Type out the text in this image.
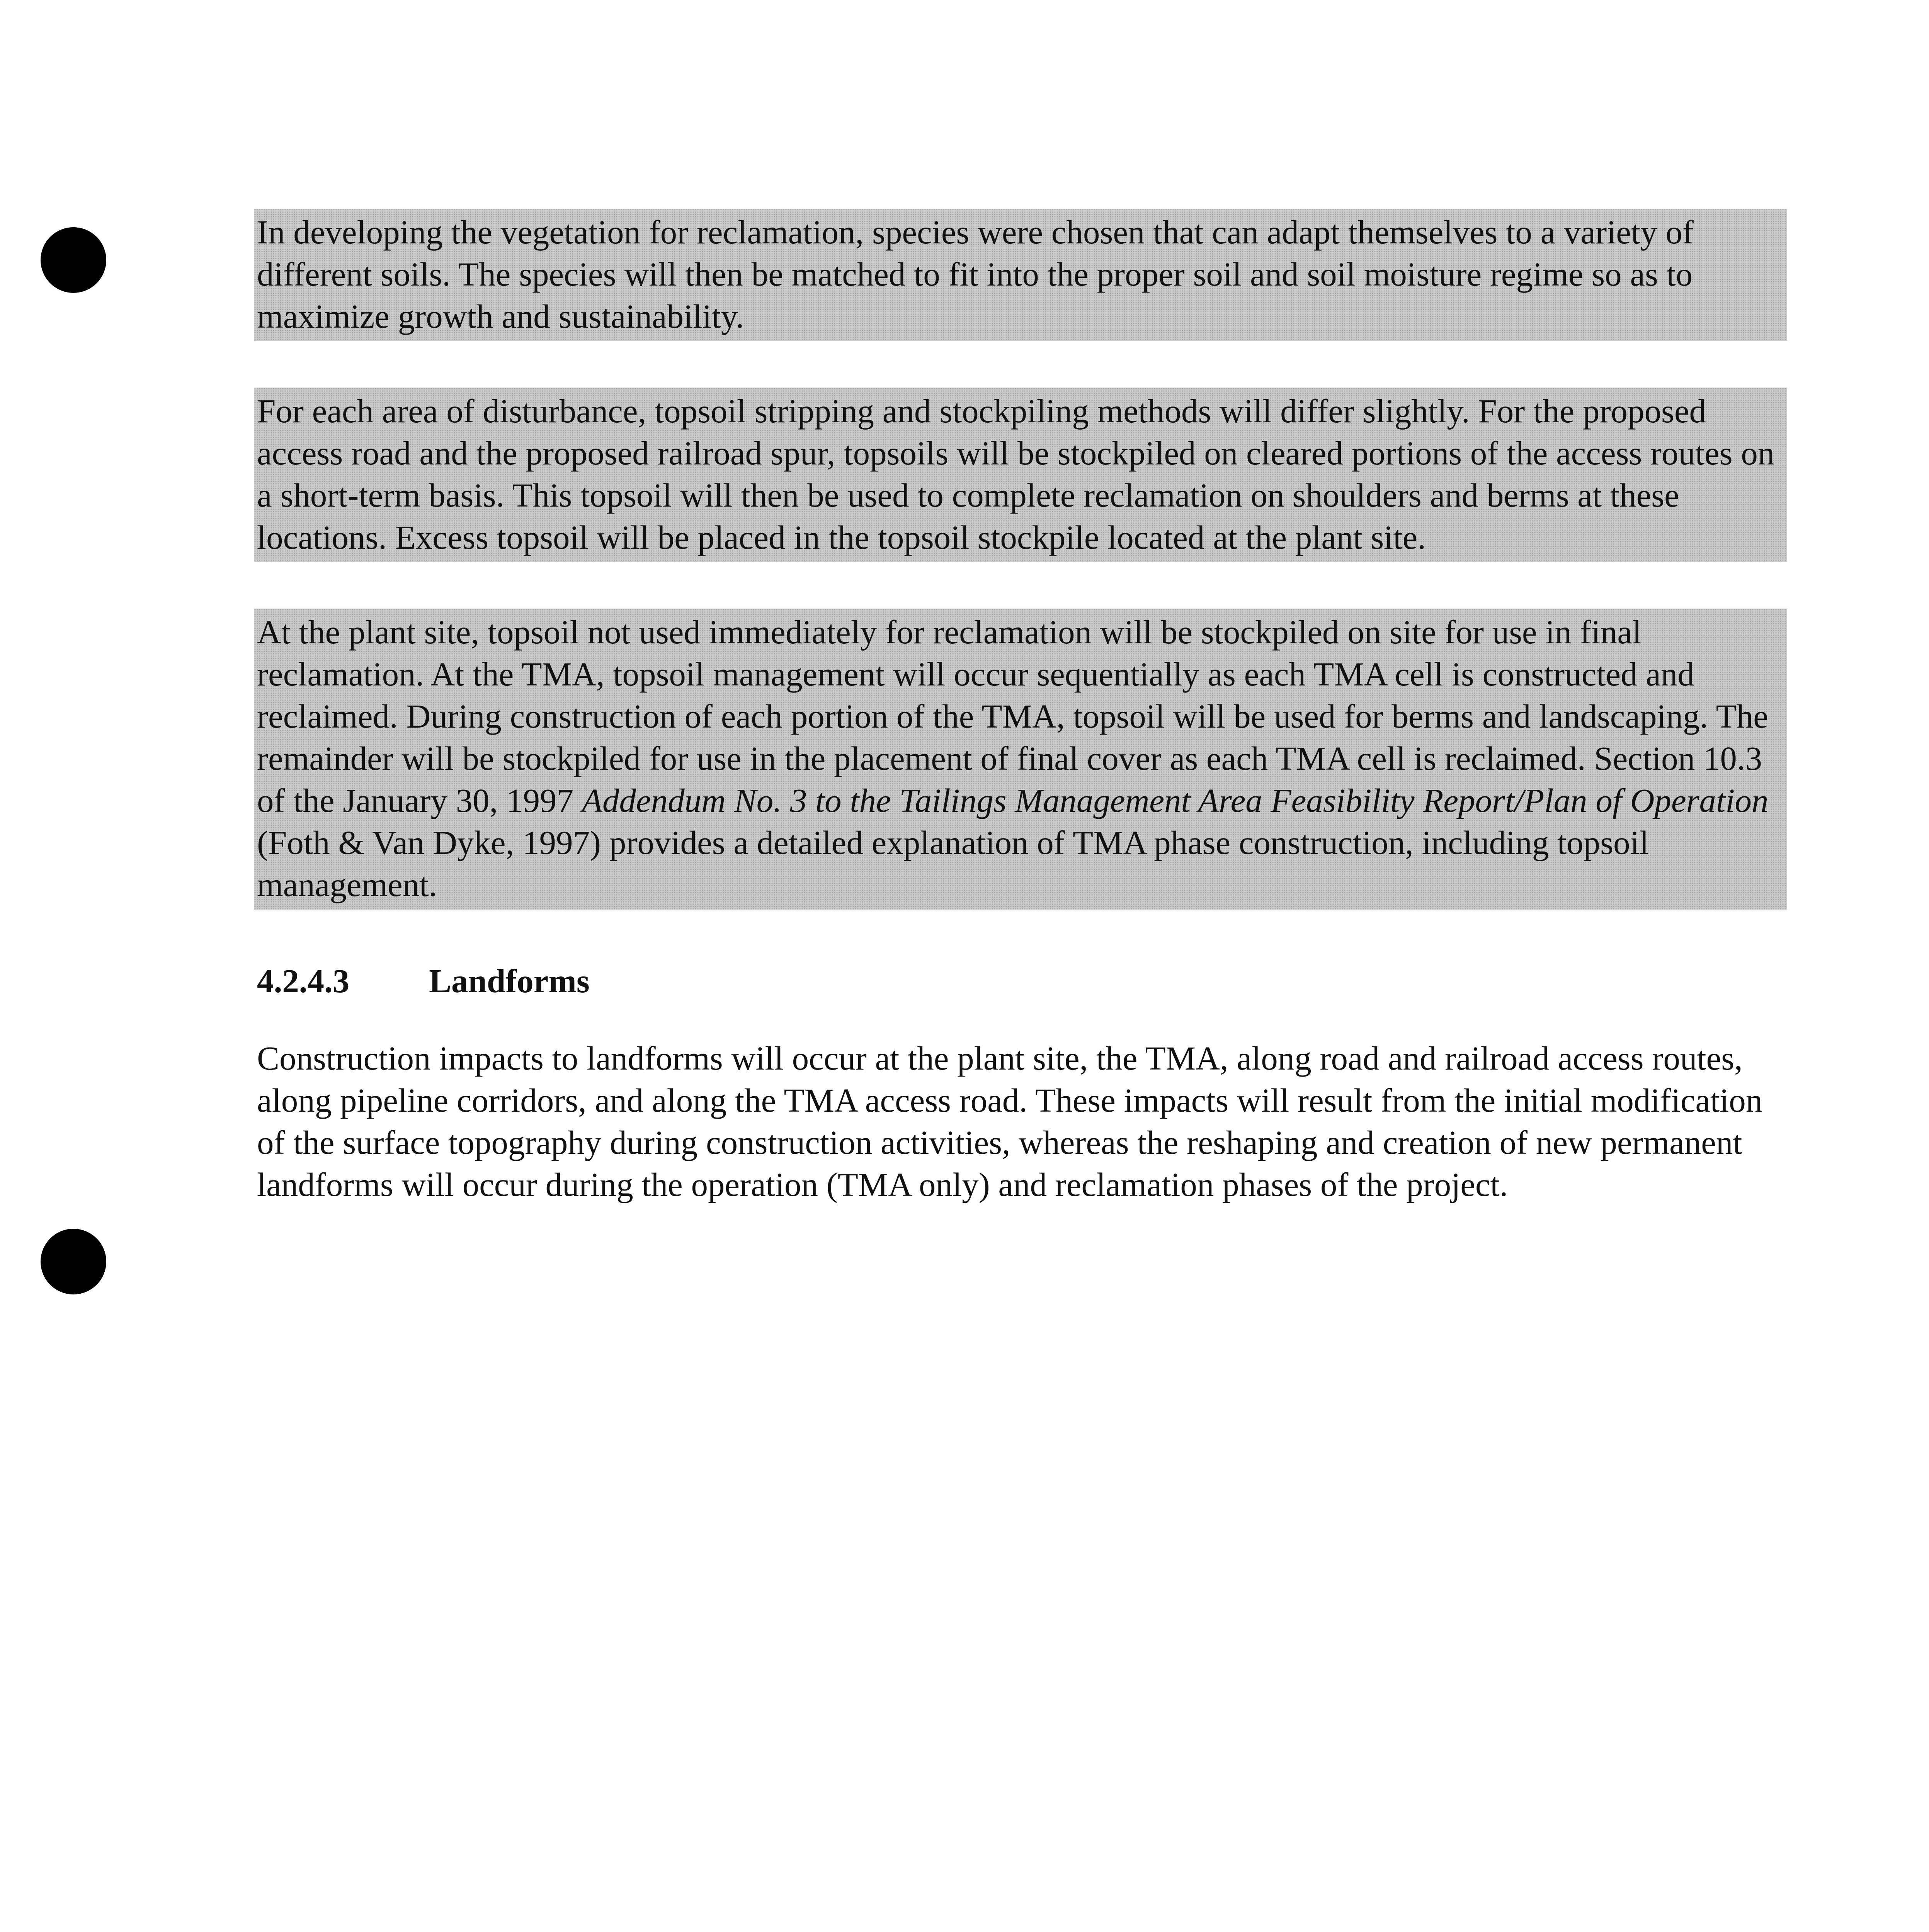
In developing the vegetation for reclamation, species were chosen that can adapt themselves to a variety of different soils. The species will then be matched to fit into the proper soil and soil moisture regime so as to maximize growth and sustainability.

For each area of disturbance, topsoil stripping and stockpiling methods will differ slightly. For the proposed access road and the proposed railroad spur, topsoils will be stockpiled on cleared portions of the access routes on a short-term basis. This topsoil will then be used to complete reclamation on shoulders and berms at these locations. Excess topsoil will be placed in the topsoil stockpile located at the plant site.

At the plant site, topsoil not used immediately for reclamation will be stockpiled on site for use in final reclamation. At the TMA, topsoil management will occur sequentially as each TMA cell is constructed and reclaimed. During construction of each portion of the TMA, topsoil will be used for berms and landscaping. The remainder will be stockpiled for use in the placement of final cover as each TMA cell is reclaimed. Section 10.3 of the January 30, 1997 Addendum No. 3 to the Tailings Management Area Feasibility Report/Plan of Operation (Foth & Van Dyke, 1997) provides a detailed explanation of TMA phase construction, including topsoil management.

4.2.4.3	Landforms

Construction impacts to landforms will occur at the plant site, the TMA, along road and railroad access routes, along pipeline corridors, and along the TMA access road. These impacts will result from the initial modification of the surface topography during construction activities, whereas the reshaping and creation of new permanent landforms will occur during the operation (TMA only) and reclamation phases of the project.
